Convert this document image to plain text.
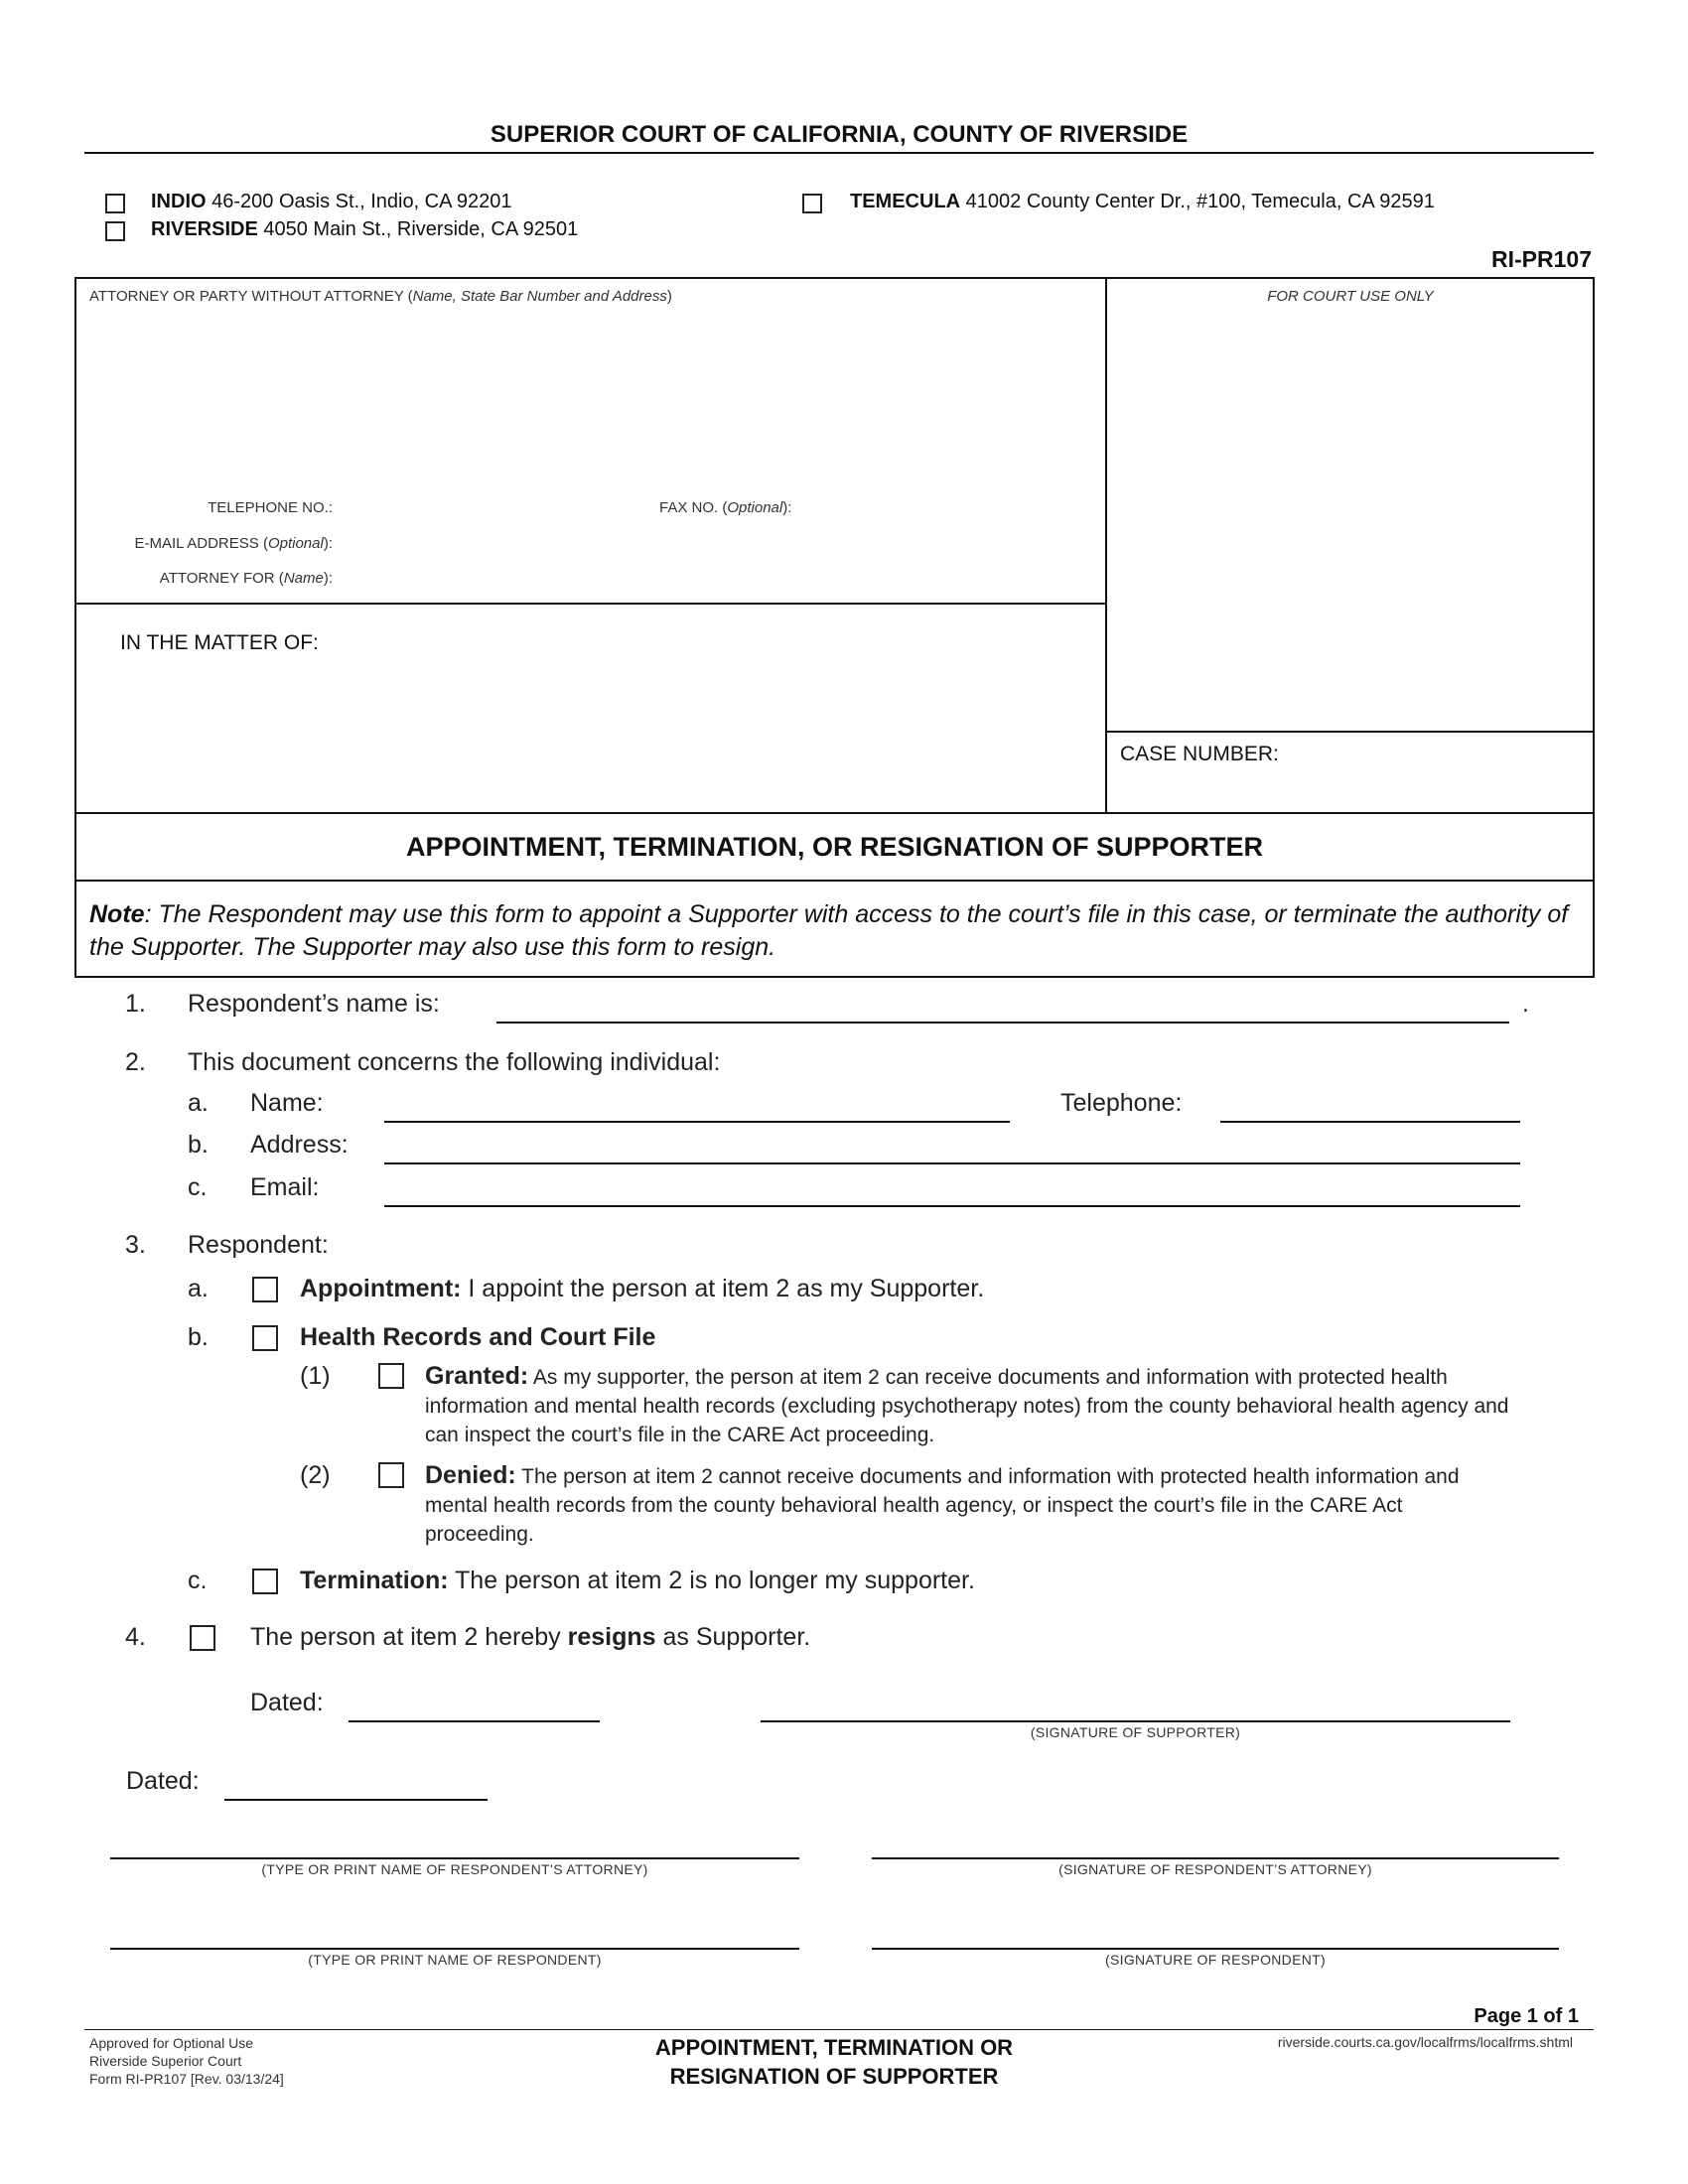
SUPERIOR COURT OF CALIFORNIA, COUNTY OF RIVERSIDE
INDIO 46-200 Oasis St., Indio, CA 92201
RIVERSIDE 4050 Main St., Riverside, CA 92501
TEMECULA 41002 County Center Dr., #100, Temecula, CA 92591
RI-PR107
ATTORNEY OR PARTY WITHOUT ATTORNEY (Name, State Bar Number and Address)
TELEPHONE NO.:	FAX NO. (Optional):
E-MAIL ADDRESS (Optional):
ATTORNEY FOR (Name):
FOR COURT USE ONLY
IN THE MATTER OF:
CASE NUMBER:
APPOINTMENT, TERMINATION, OR RESIGNATION OF SUPPORTER
Note: The Respondent may use this form to appoint a Supporter with access to the court’s file in this case, or terminate the authority of the Supporter. The Supporter may also use this form to resign.
1. Respondent’s name is:	.
2. This document concerns the following individual:
a. Name:	Telephone:
b. Address:
c. Email:
3. Respondent:
a.	Appointment: I appoint the person at item 2 as my Supporter.
b.	Health Records and Court File
(1)	Granted: As my supporter, the person at item 2 can receive documents and information with protected health information and mental health records (excluding psychotherapy notes) from the county behavioral health agency and can inspect the court’s file in the CARE Act proceeding.
(2)	Denied: The person at item 2 cannot receive documents and information with protected health information and mental health records from the county behavioral health agency, or inspect the court’s file in the CARE Act proceeding.
c.	Termination: The person at item 2 is no longer my supporter.
4.	The person at item 2 hereby resigns as Supporter.
Dated:
(SIGNATURE OF SUPPORTER)
Dated:
(TYPE OR PRINT NAME OF RESPONDENT’S ATTORNEY)	(SIGNATURE OF RESPONDENT’S ATTORNEY)
(TYPE OR PRINT NAME OF RESPONDENT)	(SIGNATURE OF RESPONDENT)
Page 1 of 1
Approved for Optional Use
Riverside Superior Court
Form RI-PR107 [Rev. 03/13/24]
APPOINTMENT, TERMINATION OR
RESIGNATION OF SUPPORTER
riverside.courts.ca.gov/localfrms/localfrms.shtml
